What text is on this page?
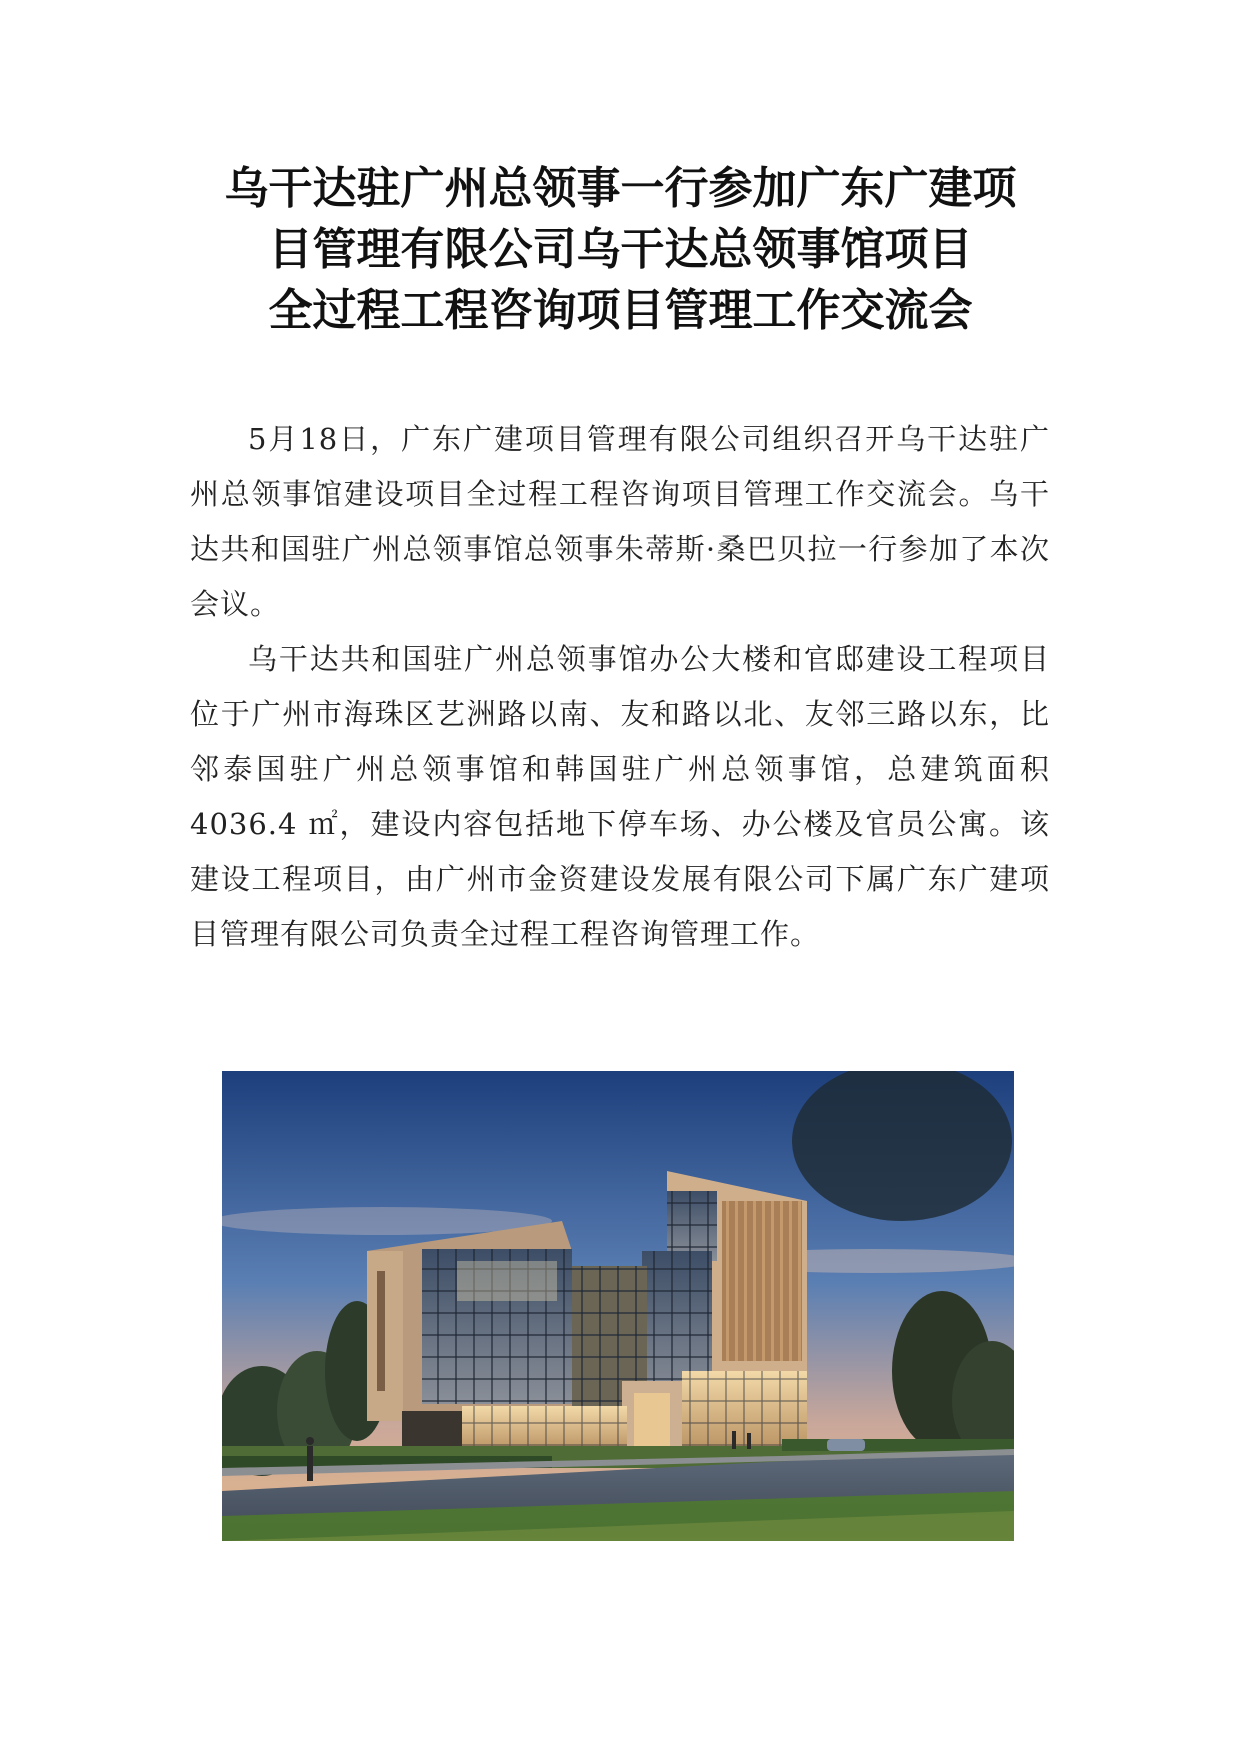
乌干达驻广州总领事一行参加广东广建项
目管理有限公司乌干达总领事馆项目
全过程工程咨询项目管理工作交流会

5月18日，广东广建项目管理有限公司组织召开乌干达驻广州总领事馆建设项目全过程工程咨询项目管理工作交流会。乌干达共和国驻广州总领事馆总领事朱蒂斯·桑巴贝拉一行参加了本次会议。

乌干达共和国驻广州总领事馆办公大楼和官邸建设工程项目位于广州市海珠区艺洲路以南、友和路以北、友邻三路以东，比邻泰国驻广州总领事馆和韩国驻广州总领事馆，总建筑面积 4036.4 ㎡，建设内容包括地下停车场、办公楼及官员公寓。该建设工程项目，由广州市金资建设发展有限公司下属广东广建项目管理有限公司负责全过程工程咨询管理工作。
